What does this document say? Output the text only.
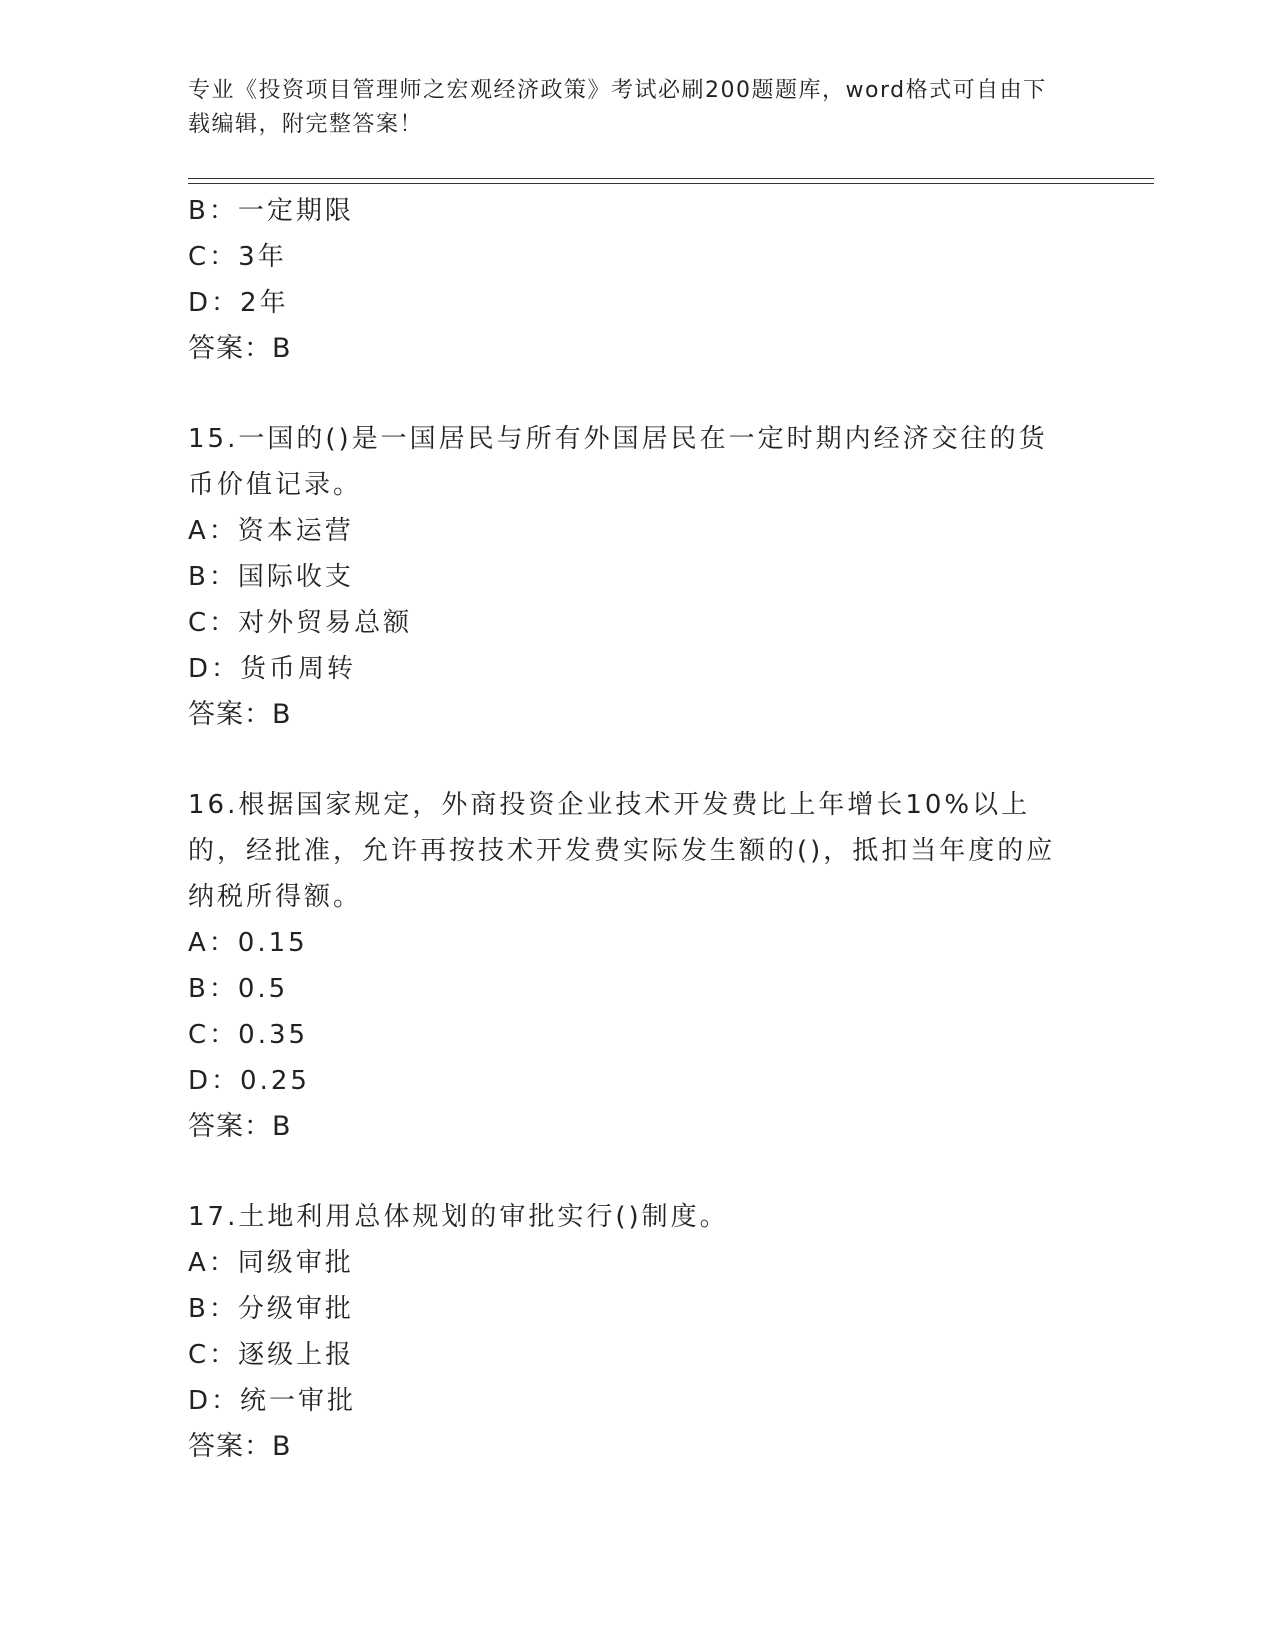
专业《投资项目管理师之宏观经济政策》考试必刷200题题库，word格式可自由下载编辑，附完整答案！
B：一定期限
C：3年
D：2年
答案：B
15.一国的()是一国居民与所有外国居民在一定时期内经济交往的货币价值记录。
A：资本运营
B：国际收支
C：对外贸易总额
D：货币周转
答案：B
16.根据国家规定，外商投资企业技术开发费比上年增长10%以上的，经批准，允许再按技术开发费实际发生额的()，抵扣当年度的应纳税所得额。
A：0.15
B：0.5
C：0.35
D：0.25
答案：B
17.土地利用总体规划的审批实行()制度。
A：同级审批
B：分级审批
C：逐级上报
D：统一审批
答案：B
